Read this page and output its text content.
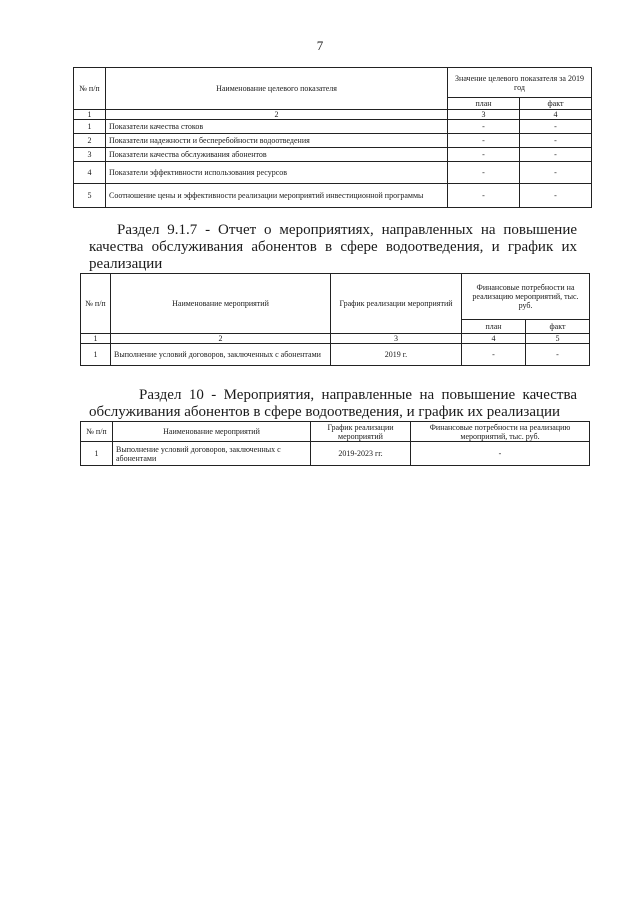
7
№ п/п	Наименование целевого показателя	Значение целевого показателя за 2019 год	
		план	факт
1	2	3	4
1	Показатели качества стоков	-	-
2	Показатели надежности и бесперебойности водоотведения	-	-
3	Показатели качества обслуживания абонентов	-	-
4	Показатели эффективности использования ресурсов	-	-
5	Соотношение цены и эффективности реализации мероприятий инвестиционной программы	-	-

Раздел 9.1.7 - Отчет о мероприятиях, направленных на повышение качества обслуживания абонентов в сфере водоотведения, и график их реализации

№ п/п	Наименование мероприятий	График реализации мероприятий	Финансовые потребности на реализацию мероприятий, тыс. руб.	
			план	факт
1	2	3	4	5
1	Выполнение условий договоров, заключенных с абонентами	2019 г.	-	-

Раздел 10 - Мероприятия, направленные на повышение качества обслуживания абонентов в сфере водоотведения, и график их реализации

№ п/п	Наименование мероприятий	График реализации мероприятий	Финансовые потребности на реализацию мероприятий, тыс. руб.
1	Выполнение условий договоров, заключенных с абонентами	2019-2023 гг.	-
